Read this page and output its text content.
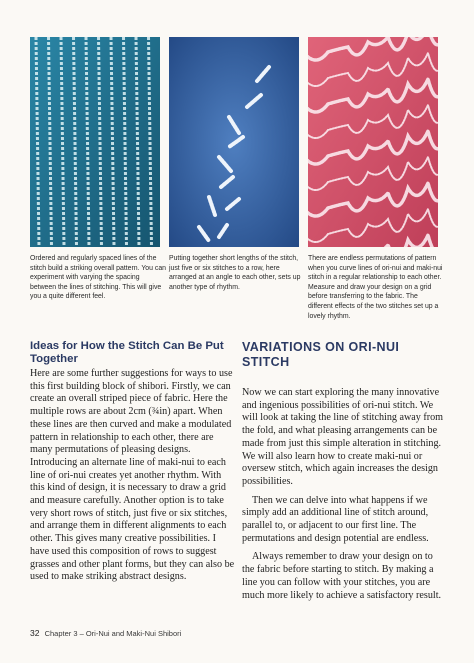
Ordered and regularly spaced lines of the stitch build a striking overall pattern. You can experiment with varying the spacing between the lines of stitching. This will give you a quite different feel.
Putting together short lengths of the stitch, just five or six stitches to a row, here arranged at an angle to each other, sets up another type of rhythm.
There are endless permutations of pattern when you curve lines of ori-nui and maki-nui stitch in a regular relationship to each other. Measure and draw your design on a grid before transferring to the fabric. The different effects of the two stitches set up a lovely rhythm.
Ideas for How the Stitch Can Be Put Together

Here are some further suggestions for ways to use this first building block of shibori. Firstly, we can create an overall striped piece of fabric. Here the multiple rows are about 2cm (¾in) apart. When these lines are then curved and make a modulated pattern in relationship to each other, there are many permutations of pleasing designs. Introducing an alternate line of maki-nui to each line of ori-nui creates yet another rhythm. With this kind of design, it is necessary to draw a grid and measure carefully. Another option is to take very short rows of stitch, just five or six stitches, and arrange them in different alignments to each other. This gives many creative possibilities. I have used this composition of rows to suggest grasses and other plant forms, but they can also be used to make striking abstract designs.

VARIATIONS ON ORI-NUI STITCH

Now we can start exploring the many innovative and ingenious possibilities of ori-nui stitch. We will look at taking the line of stitching away from the fold, and what pleasing arrangements can be made from just this simple alteration in stitching. We will also learn how to create maki-nui or oversew stitch, which again increases the design possibilities.

Then we can delve into what happens if we simply add an additional line of stitch around, parallel to, or adjacent to our first line. The permutations and design potential are endless.

Always remember to draw your design on to the fabric before starting to stitch. By making a line you can follow with your stitches, you are much more likely to achieve a satisfactory result.

32 Chapter 3 – Ori-Nui and Maki-Nui Shibori
